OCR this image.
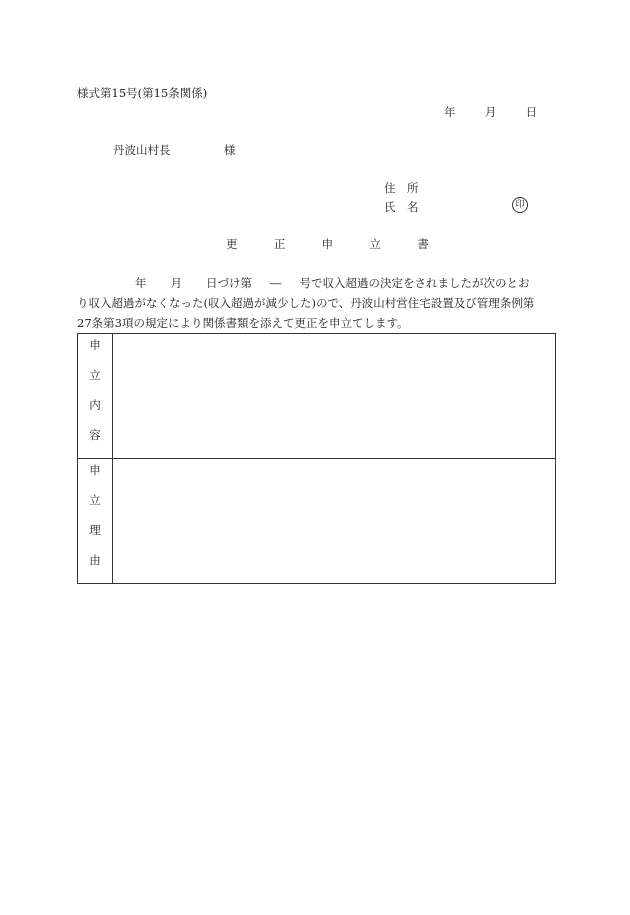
様式第15号(第15条関係)
年	月	日
丹波山村長	様
住　所
氏　名	印
更	正	申	立	書
年 月 日づけ第 ― 号で収入超過の決定をされましたが次のとお
り収入超過がなくなった(収入超過が減少した)ので、丹波山村営住宅設置及び管理条例第
27条第3項の規定により関係書類を添えて更正を申立てします。
申
立
内
容	

申
立
理
由	
